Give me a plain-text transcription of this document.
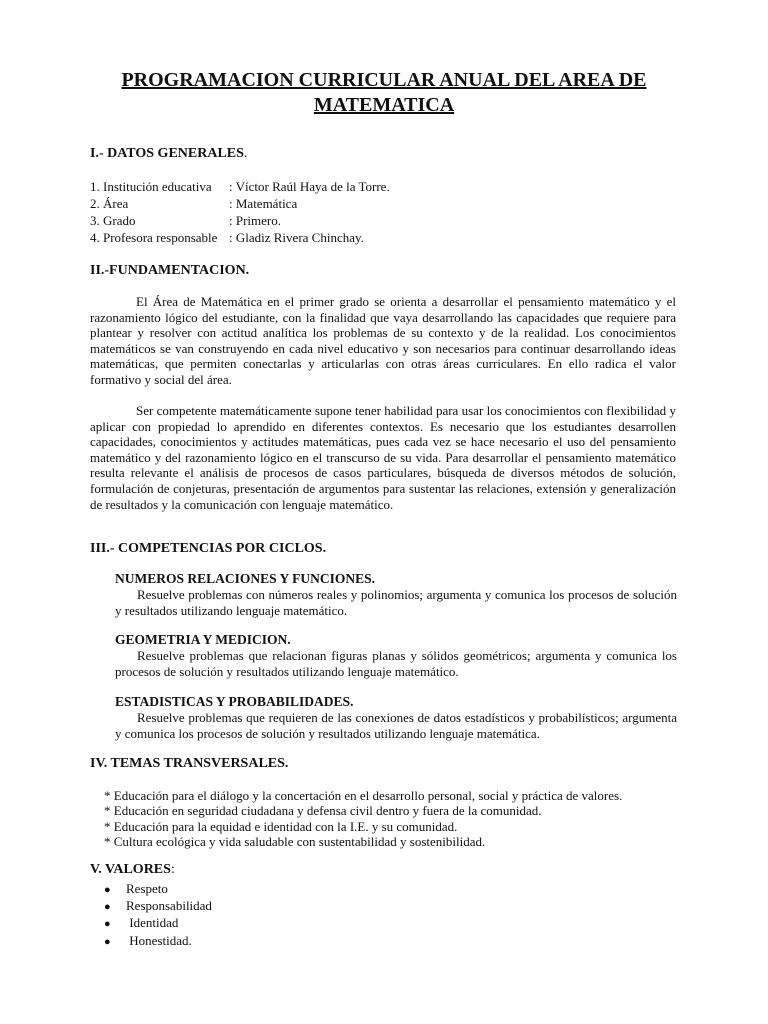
PROGRAMACION CURRICULAR ANUAL DEL AREA DE
MATEMATICA
I.- DATOS GENERALES.
1. Institución educativa : Víctor Raúl Haya de la Torre.
2. Área	: Matemática
3. Grado	: Primero.
4. Profesora responsable : Gladiz Rivera Chinchay.
II.-FUNDAMENTACION.
El Área de Matemática en el primer grado se orienta a desarrollar el pensamiento matemático y el razonamiento lógico del estudiante, con la finalidad que vaya desarrollando las capacidades que requiere para plantear y resolver con actitud analítica los problemas de su contexto y de la realidad. Los conocimientos matemáticos se van construyendo en cada nivel educativo y son necesarios para continuar desarrollando ideas matemáticas, que permiten conectarlas y articularlas con otras áreas curriculares. En ello radica el valor formativo y social del área.
Ser competente matemáticamente supone tener habilidad para usar los conocimientos con flexibilidad y aplicar con propiedad lo aprendido en diferentes contextos. Es necesario que los estudiantes desarrollen capacidades, conocimientos y actitudes matemáticas, pues cada vez se hace necesario el uso del pensamiento matemático y del razonamiento lógico en el transcurso de su vida. Para desarrollar el pensamiento matemático resulta relevante el análisis de procesos de casos particulares, búsqueda de diversos métodos de solución, formulación de conjeturas, presentación de argumentos para sustentar las relaciones, extensión y generalización de resultados y la comunicación con lenguaje matemático.
III.- COMPETENCIAS POR CICLOS.
NUMEROS RELACIONES Y FUNCIONES.
Resuelve problemas con números reales y polinomios; argumenta y comunica los procesos de solución y resultados utilizando lenguaje matemático.
GEOMETRIA Y MEDICION.
Resuelve problemas que relacionan figuras planas y sólidos geométricos; argumenta y comunica los procesos de solución y resultados utilizando lenguaje matemático.
ESTADISTICAS Y PROBABILIDADES.
Resuelve problemas que requieren de las conexiones de datos estadísticos y probabilísticos; argumenta y comunica los procesos de solución y resultados utilizando lenguaje matemática.
IV. TEMAS TRANSVERSALES.
* Educación para el diálogo y la concertación en el desarrollo personal, social y práctica de valores.
* Educación en seguridad ciudadana y defensa civil dentro y fuera de la comunidad.
* Educación para la equidad e identidad con la I.E. y su comunidad.
* Cultura ecológica y vida saludable con sustentabilidad y sostenibilidad.
V. VALORES:
● Respeto
● Responsabilidad
● Identidad
● Honestidad.
